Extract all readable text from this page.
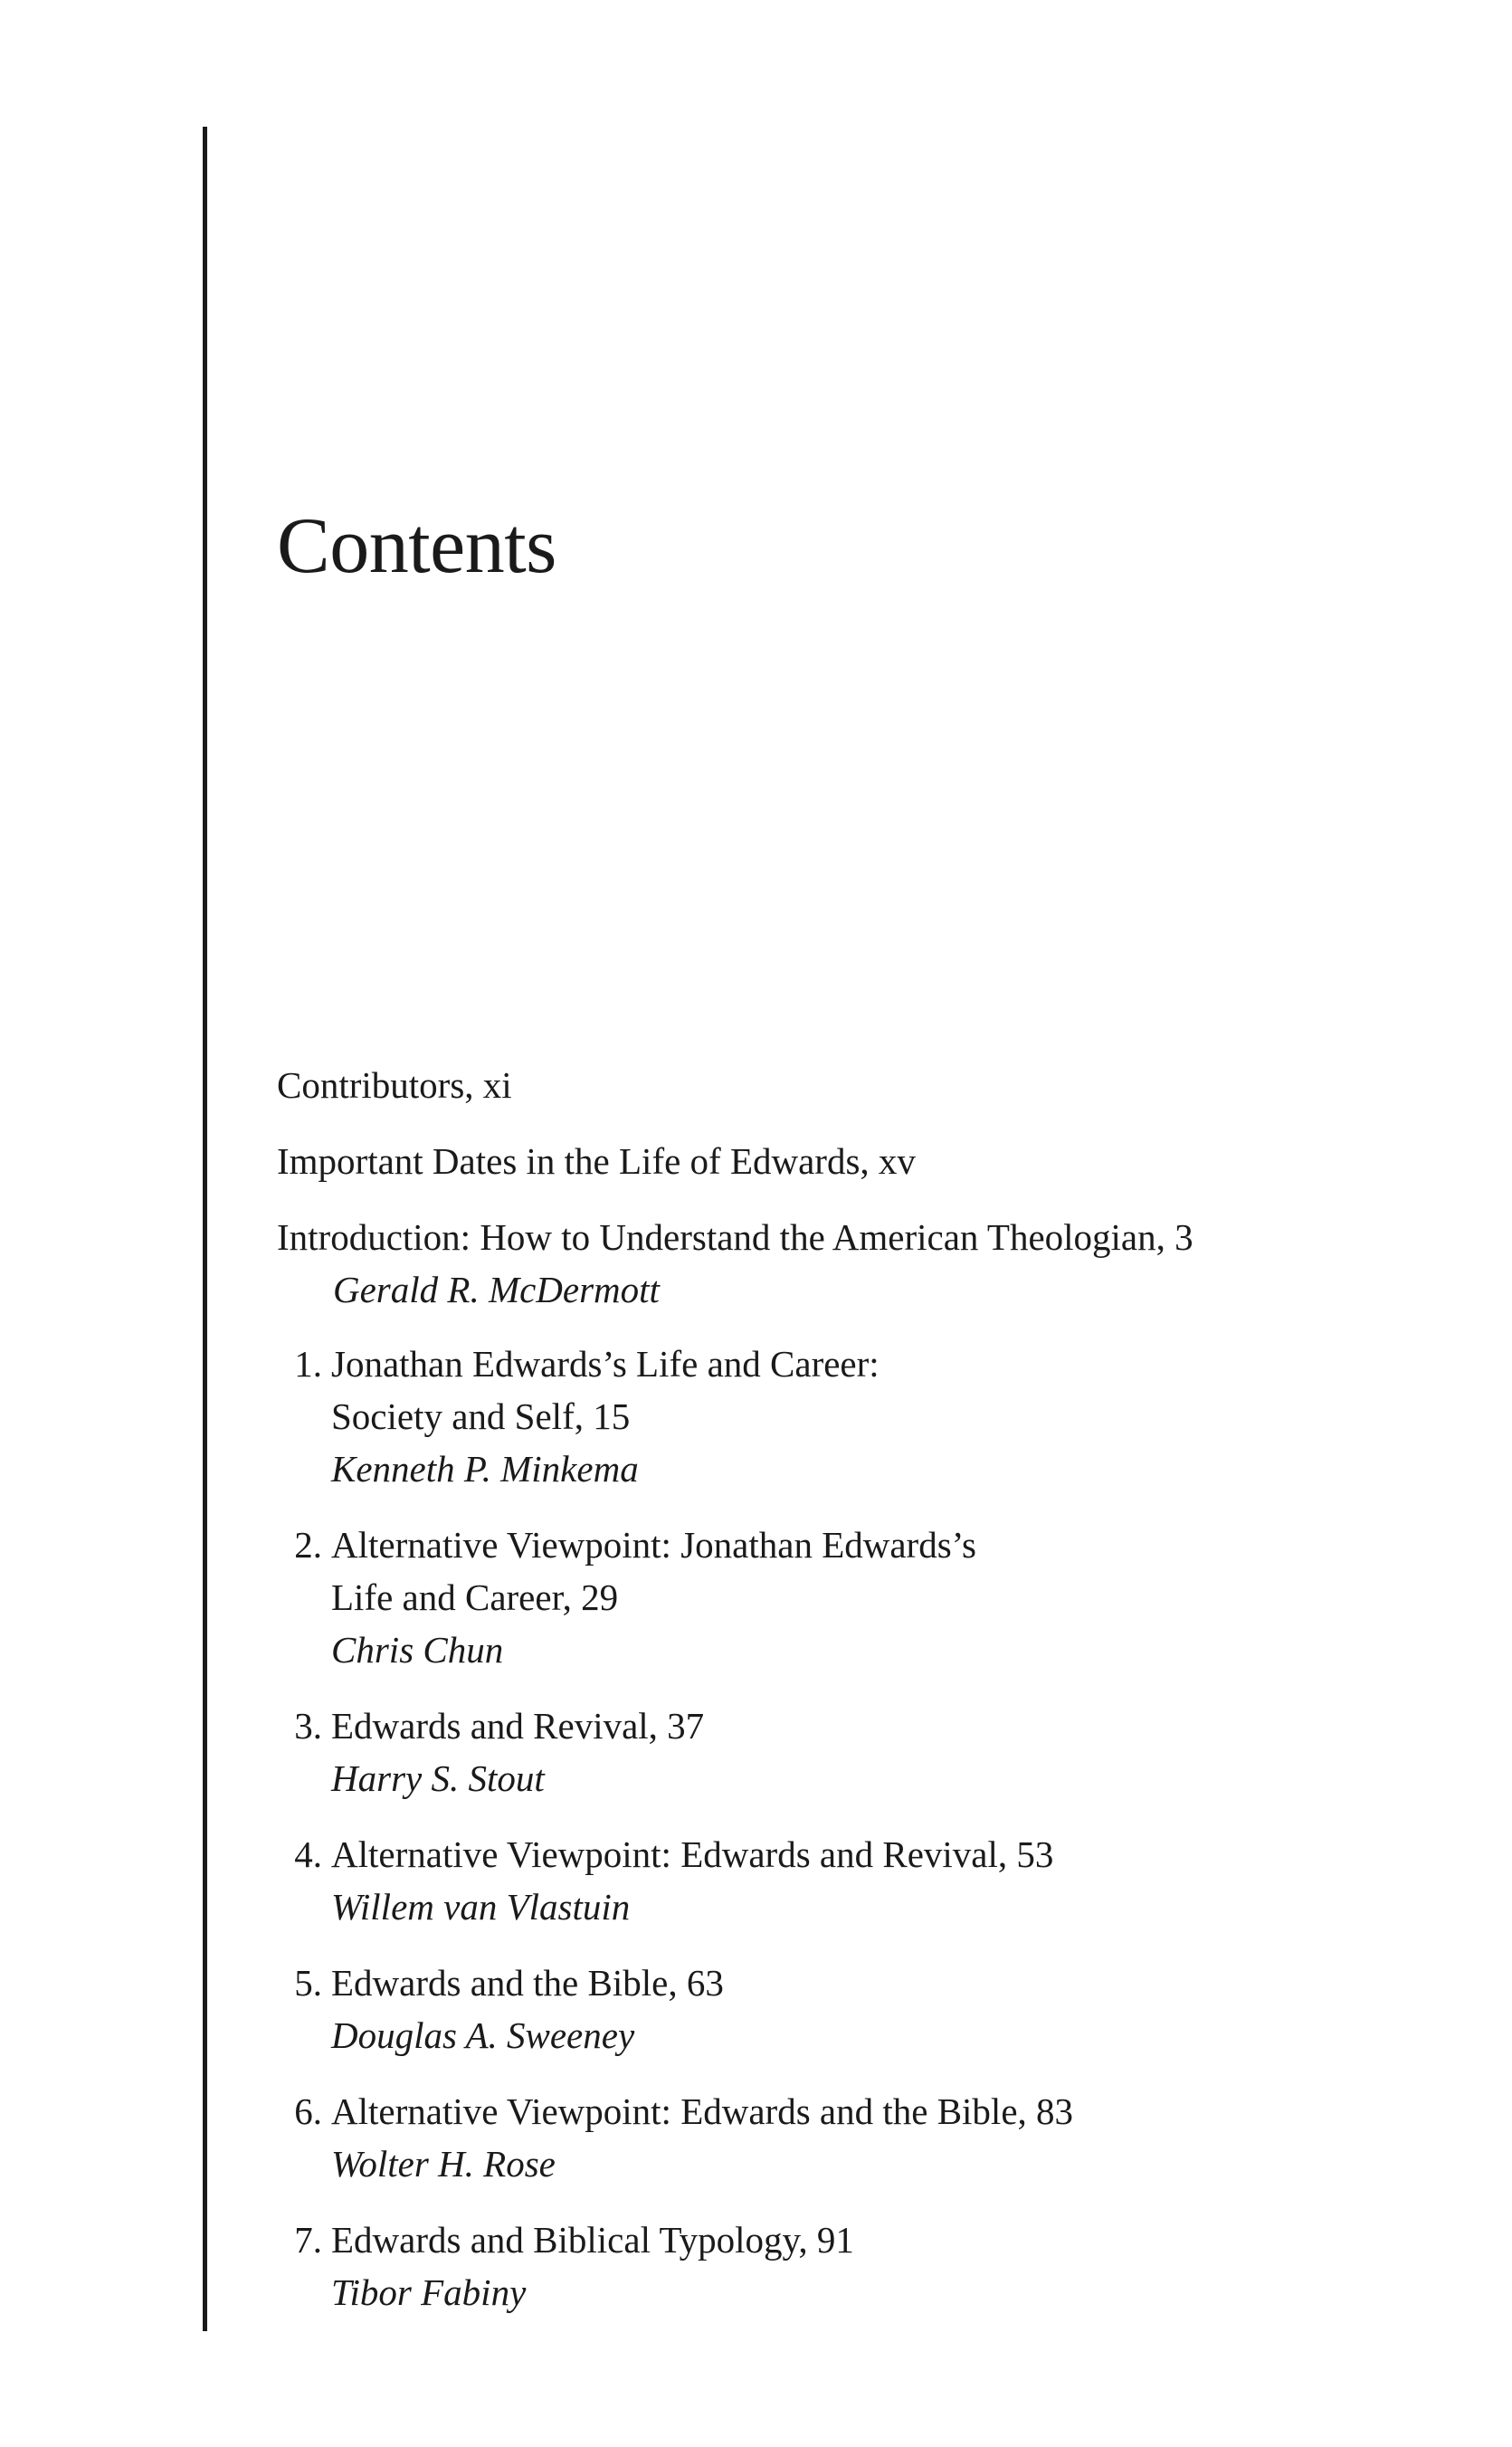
Contents
Contributors, xi
Important Dates in the Life of Edwards, xv
Introduction: How to Understand the American Theologian, 3
Gerald R. McDermott
1. Jonathan Edwards’s Life and Career:
Society and Self, 15
Kenneth P. Minkema
2. Alternative Viewpoint: Jonathan Edwards’s
Life and Career, 29
Chris Chun
3. Edwards and Revival, 37
Harry S. Stout
4. Alternative Viewpoint: Edwards and Revival, 53
Willem van Vlastuin
5. Edwards and the Bible, 63
Douglas A. Sweeney
6. Alternative Viewpoint: Edwards and the Bible, 83
Wolter H. Rose
7. Edwards and Biblical Typology, 91
Tibor Fabiny
